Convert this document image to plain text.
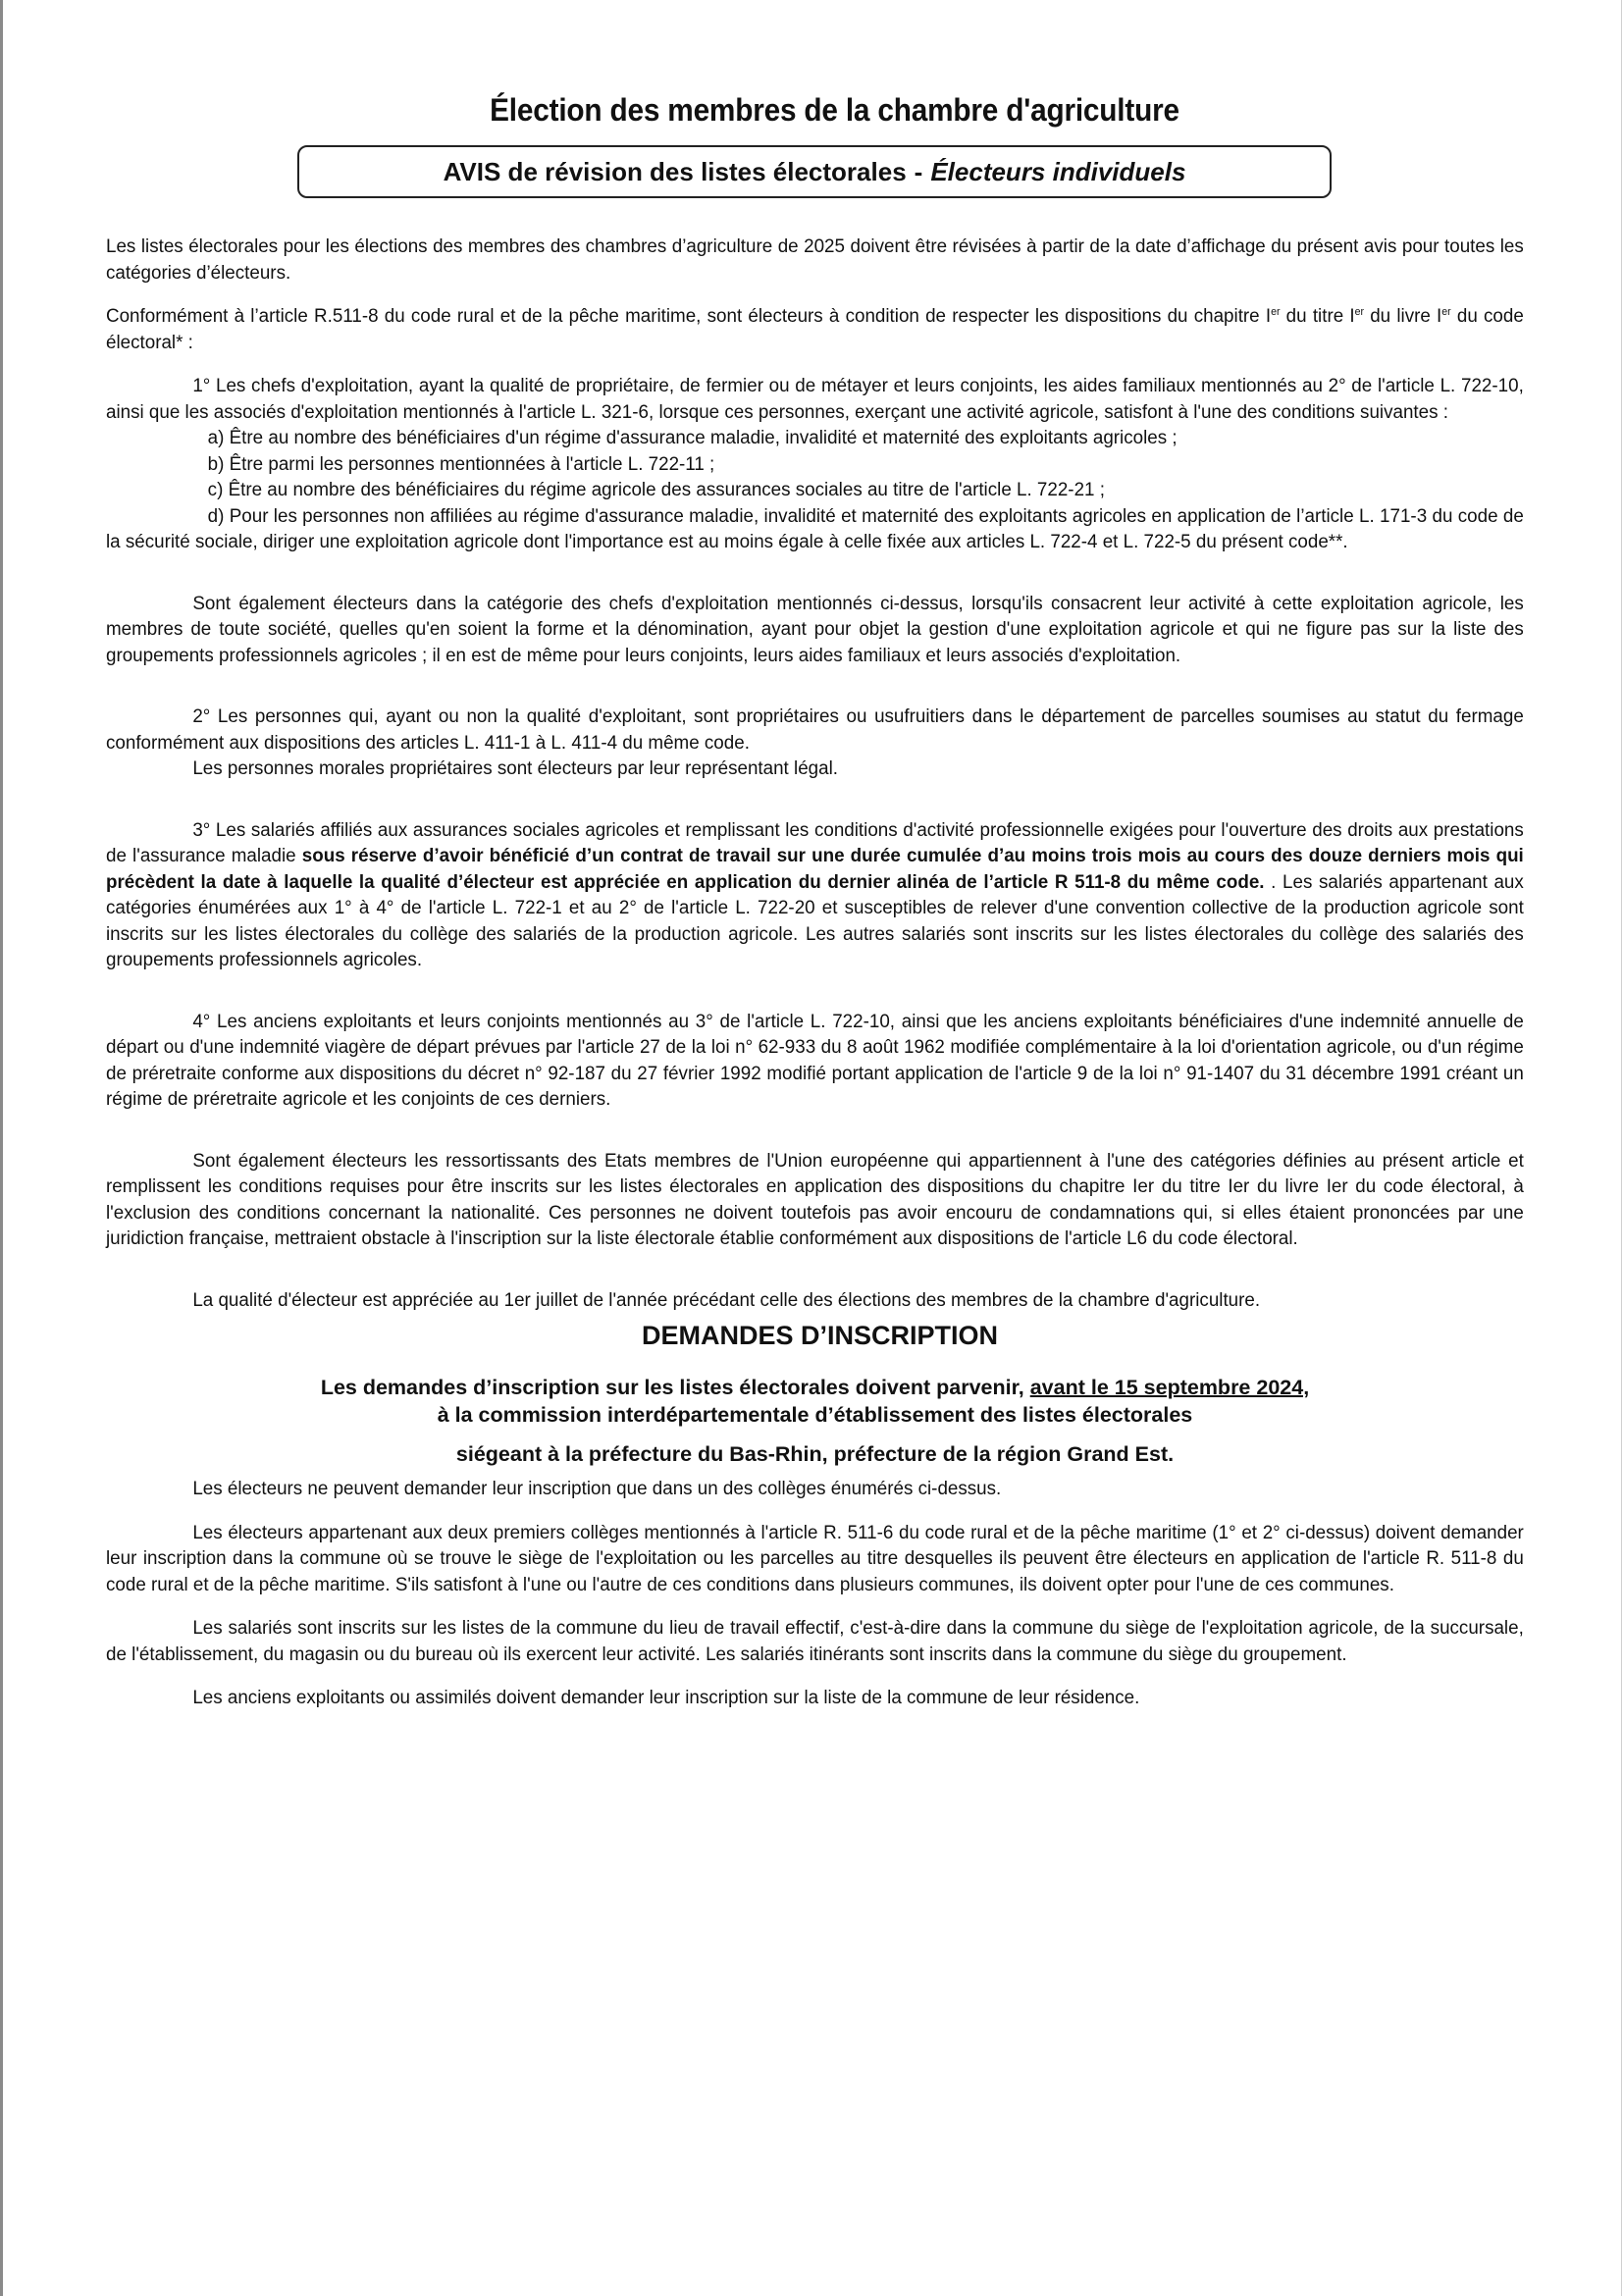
Élection des membres de la chambre d'agriculture
AVIS de révision des listes électorales - Électeurs individuels

Les listes électorales pour les élections des membres des chambres d’agriculture de 2025 doivent être révisées à partir de la date d’affichage du présent avis pour toutes les catégories d’électeurs.

Conformément à l’article R.511-8 du code rural et de la pêche maritime, sont électeurs à condition de respecter les dispositions du chapitre Ier du titre Ier du livre Ier du code électoral* :

1° Les chefs d'exploitation, ayant la qualité de propriétaire, de fermier ou de métayer et leurs conjoints, les aides familiaux mentionnés au 2° de l'article L. 722-10, ainsi que les associés d'exploitation mentionnés à l'article L. 321-6, lorsque ces personnes, exerçant une activité agricole, satisfont à l'une des conditions suivantes :

a) Être au nombre des bénéficiaires d'un régime d'assurance maladie, invalidité et maternité des exploitants agricoles ;

b) Être parmi les personnes mentionnées à l'article L. 722-11 ;

c) Être au nombre des bénéficiaires du régime agricole des assurances sociales au titre de l'article L. 722-21 ;

d) Pour les personnes non affiliées au régime d'assurance maladie, invalidité et maternité des exploitants agricoles en application de l’article L. 171-3 du code de la sécurité sociale, diriger une exploitation agricole dont l'importance est au moins égale à celle fixée aux articles L. 722-4 et L. 722-5 du présent code**.

Sont également électeurs dans la catégorie des chefs d'exploitation mentionnés ci-dessus, lorsqu'ils consacrent leur activité à cette exploitation agricole, les membres de toute société, quelles qu'en soient la forme et la dénomination, ayant pour objet la gestion d'une exploitation agricole et qui ne figure pas sur la liste des groupements professionnels agricoles ; il en est de même pour leurs conjoints, leurs aides familiaux et leurs associés d'exploitation.

2° Les personnes qui, ayant ou non la qualité d'exploitant, sont propriétaires ou usufruitiers dans le département de parcelles soumises au statut du fermage conformément aux dispositions des articles L. 411-1 à L. 411-4 du même code.

Les personnes morales propriétaires sont électeurs par leur représentant légal.

3° Les salariés affiliés aux assurances sociales agricoles et remplissant les conditions d'activité professionnelle exigées pour l'ouverture des droits aux prestations de l'assurance maladie sous réserve d’avoir bénéficié d’un contrat de travail sur une durée cumulée d’au moins trois mois au cours des douze derniers mois qui précèdent la date à laquelle la qualité d’électeur est appréciée en application du dernier alinéa de l’article R 511-8 du même code. . Les salariés appartenant aux catégories énumérées aux 1° à 4° de l'article L. 722-1 et au 2° de l'article L. 722-20 et susceptibles de relever d'une convention collective de la production agricole sont inscrits sur les listes électorales du collège des salariés de la production agricole. Les autres salariés sont inscrits sur les listes électorales du collège des salariés des groupements professionnels agricoles.

4° Les anciens exploitants et leurs conjoints mentionnés au 3° de l'article L. 722-10, ainsi que les anciens exploitants bénéficiaires d'une indemnité annuelle de départ ou d'une indemnité viagère de départ prévues par l'article 27 de la loi n° 62-933 du 8 août 1962 modifiée complémentaire à la loi d'orientation agricole, ou d'un régime de préretraite conforme aux dispositions du décret n° 92-187 du 27 février 1992 modifié portant application de l'article 9 de la loi n° 91-1407 du 31 décembre 1991 créant un régime de préretraite agricole et les conjoints de ces derniers.

Sont également électeurs les ressortissants des Etats membres de l'Union européenne qui appartiennent à l'une des catégories définies au présent article et remplissent les conditions requises pour être inscrits sur les listes électorales en application des dispositions du chapitre Ier du titre Ier du livre Ier du code électoral, à l'exclusion des conditions concernant la nationalité. Ces personnes ne doivent toutefois pas avoir encouru de condamnations qui, si elles étaient prononcées par une juridiction française, mettraient obstacle à l'inscription sur la liste électorale établie conformément aux dispositions de l'article L6 du code électoral.

La qualité d'électeur est appréciée au 1er juillet de l'année précédant celle des élections des membres de la chambre d'agriculture.

DEMANDES D’INSCRIPTION

Les demandes d’inscription sur les listes électorales doivent parvenir, avant le 15 septembre 2024,

à la commission interdépartementale d’établissement des listes électorales

siégeant à la préfecture du Bas-Rhin, préfecture de la région Grand Est.

Les électeurs ne peuvent demander leur inscription que dans un des collèges énumérés ci-dessus.

Les électeurs appartenant aux deux premiers collèges mentionnés à l'article R. 511-6 du code rural et de la pêche maritime (1° et 2° ci-dessus) doivent demander leur inscription dans la commune où se trouve le siège de l'exploitation ou les parcelles au titre desquelles ils peuvent être électeurs en application de l'article R. 511-8 du code rural et de la pêche maritime. S'ils satisfont à l'une ou l'autre de ces conditions dans plusieurs communes, ils doivent opter pour l'une de ces communes.

Les salariés sont inscrits sur les listes de la commune du lieu de travail effectif, c'est-à-dire dans la commune du siège de l'exploitation agricole, de la succursale, de l'établissement, du magasin ou du bureau où ils exercent leur activité. Les salariés itinérants sont inscrits dans la commune du siège du groupement.

Les anciens exploitants ou assimilés doivent demander leur inscription sur la liste de la commune de leur résidence.
